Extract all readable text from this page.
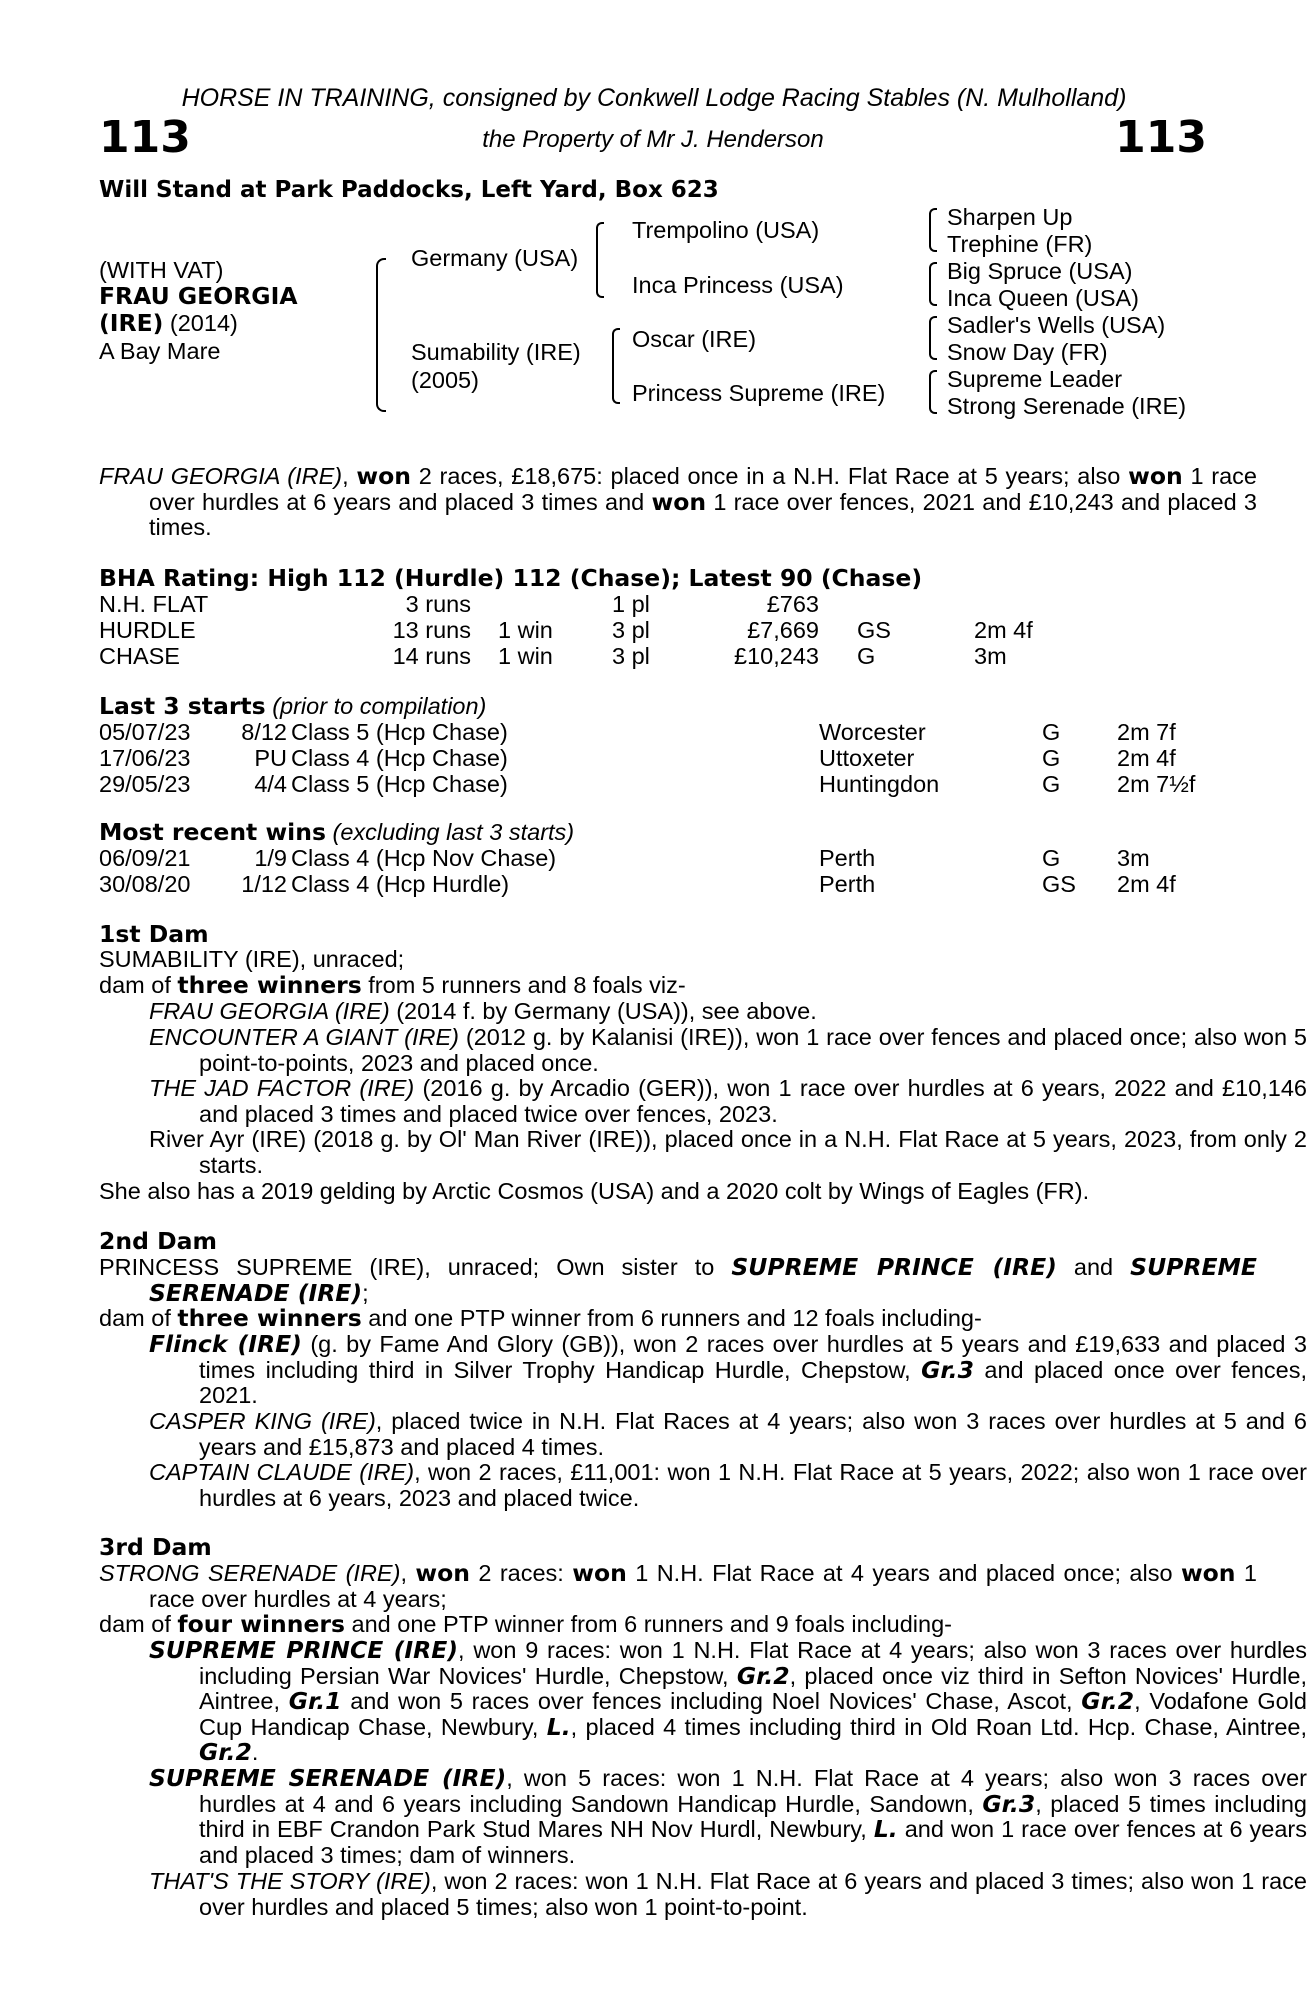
HORSE IN TRAINING, consigned by Conkwell Lodge Racing Stables (N. Mulholland)
113	the Property of Mr J. Henderson	113
Will Stand at Park Paddocks, Left Yard, Box 623
(WITH VAT)
FRAU GEORGIA
(IRE) (2014)
A Bay Mare
Germany (USA)
Sumability (IRE)
(2005)
Trempolino (USA)
Inca Princess (USA)
Oscar (IRE)
Princess Supreme (IRE)
Sharpen Up
Trephine (FR)
Big Spruce (USA)
Inca Queen (USA)
Sadler's Wells (USA)
Snow Day (FR)
Supreme Leader
Strong Serenade (IRE)
FRAU GEORGIA (IRE), won 2 races, £18,675: placed once in a N.H. Flat Race at 5 years; also won 1 race over hurdles at 6 years and placed 3 times and won 1 race over fences, 2021 and £10,243 and placed 3 times.
BHA Rating: High 112 (Hurdle) 112 (Chase); Latest 90 (Chase)
N.H. FLAT	3 runs	1 pl	£763
HURDLE	13 runs 1 win	3 pl	£7,669 GS	2m 4f
CHASE	14 runs 1 win	3 pl	£10,243 G	3m
Last 3 starts (prior to compilation)
05/07/23	8/12 Class 5 (Hcp Chase)	Worcester	G 2m 7f
17/06/23	PU Class 4 (Hcp Chase)	Uttoxeter	G 2m 4f
29/05/23	4/4 Class 5 (Hcp Chase)	Huntingdon	G 2m 7½f
Most recent wins (excluding last 3 starts)
06/09/21	1/9 Class 4 (Hcp Nov Chase)	Perth	G 3m
30/08/20	1/12 Class 4 (Hcp Hurdle)	Perth	GS 2m 4f
1st Dam
SUMABILITY (IRE), unraced;
dam of three winners from 5 runners and 8 foals viz-
FRAU GEORGIA (IRE) (2014 f. by Germany (USA)), see above.
ENCOUNTER A GIANT (IRE) (2012 g. by Kalanisi (IRE)), won 1 race over fences and placed once; also won 5 point-to-points, 2023 and placed once.
THE JAD FACTOR (IRE) (2016 g. by Arcadio (GER)), won 1 race over hurdles at 6 years, 2022 and £10,146 and placed 3 times and placed twice over fences, 2023.
River Ayr (IRE) (2018 g. by Ol' Man River (IRE)), placed once in a N.H. Flat Race at 5 years, 2023, from only 2 starts.
She also has a 2019 gelding by Arctic Cosmos (USA) and a 2020 colt by Wings of Eagles (FR).
2nd Dam
PRINCESS SUPREME (IRE), unraced; Own sister to SUPREME PRINCE (IRE) and SUPREME SERENADE (IRE);
dam of three winners and one PTP winner from 6 runners and 12 foals including-
Flinck (IRE) (g. by Fame And Glory (GB)), won 2 races over hurdles at 5 years and £19,633 and placed 3 times including third in Silver Trophy Handicap Hurdle, Chepstow, Gr.3 and placed once over fences, 2021.
CASPER KING (IRE), placed twice in N.H. Flat Races at 4 years; also won 3 races over hurdles at 5 and 6 years and £15,873 and placed 4 times.
CAPTAIN CLAUDE (IRE), won 2 races, £11,001: won 1 N.H. Flat Race at 5 years, 2022; also won 1 race over hurdles at 6 years, 2023 and placed twice.
3rd Dam
STRONG SERENADE (IRE), won 2 races: won 1 N.H. Flat Race at 4 years and placed once; also won 1 race over hurdles at 4 years;
dam of four winners and one PTP winner from 6 runners and 9 foals including-
SUPREME PRINCE (IRE), won 9 races: won 1 N.H. Flat Race at 4 years; also won 3 races over hurdles including Persian War Novices' Hurdle, Chepstow, Gr.2, placed once viz third in Sefton Novices' Hurdle, Aintree, Gr.1 and won 5 races over fences including Noel Novices' Chase, Ascot, Gr.2, Vodafone Gold Cup Handicap Chase, Newbury, L., placed 4 times including third in Old Roan Ltd. Hcp. Chase, Aintree, Gr.2.
SUPREME SERENADE (IRE), won 5 races: won 1 N.H. Flat Race at 4 years; also won 3 races over hurdles at 4 and 6 years including Sandown Handicap Hurdle, Sandown, Gr.3, placed 5 times including third in EBF Crandon Park Stud Mares NH Nov Hurdl, Newbury, L. and won 1 race over fences at 6 years and placed 3 times; dam of winners.
THAT'S THE STORY (IRE), won 2 races: won 1 N.H. Flat Race at 6 years and placed 3 times; also won 1 race over hurdles and placed 5 times; also won 1 point-to-point.
